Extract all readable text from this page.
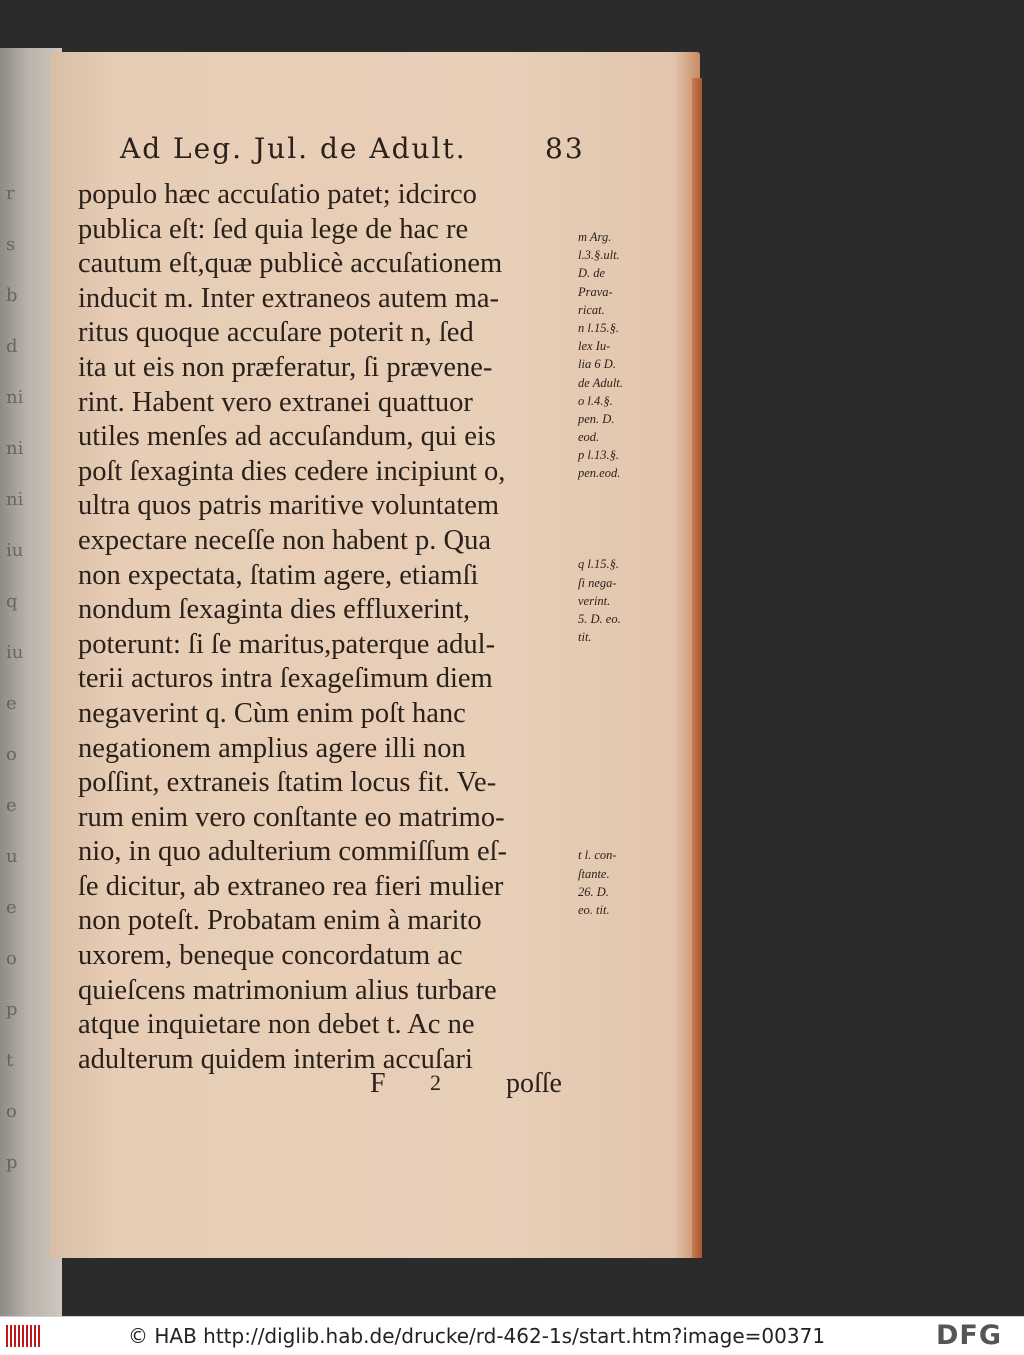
r
s
b
d
ni
ni
ni
iu
q
iu
e
o
e
u
e
o
p
t
o
p
Ad Leg. Jul. de Adult.	83
populo hæc accuſatio patet; idcirco
publica eſt: ſed quia lege de hac re
cautum eſt,quæ publicè accuſationem
inducit m. Inter extraneos autem ma-
ritus quoque accuſare poterit n, ſed
ita ut eis non præferatur, ſi prævene-
rint. Habent vero extranei quattuor
utiles menſes ad accuſandum, qui eis
poſt ſexaginta dies cedere incipiunt o,
ultra quos patris maritive voluntatem
expectare neceſſe non habent p. Qua
non expectata, ſtatim agere, etiamſi
nondum ſexaginta dies effluxerint,
poterunt: ſi ſe maritus,paterque adul-
terii acturos intra ſexageſimum diem
negaverint q. Cùm enim poſt hanc
negationem amplius agere illi non
poſſint, extraneis ſtatim locus fit. Ve-
rum enim vero conſtante eo matrimo-
nio, in quo adulterium commiſſum eſ-
ſe dicitur, ab extraneo rea fieri mulier
non poteſt. Probatam enim à marito
uxorem, beneque concordatum ac
quieſcens matrimonium alius turbare
atque inquietare non debet t. Ac ne
adulterum quidem interim accuſari
m Arg.
l.3.§.ult.
D. de
Prava-
ricat.
n l.15.§.
lex Iu-
lia 6 D.
de Adult.
o l.4.§.
pen. D.
eod.
p l.13.§.
pen.eod.
q l.15.§.
ſi nega-
verint.
5. D. eo.
tit.
t l. con-
ſtante.
26. D.
eo. tit.
F 2 poſſe
© HAB http://diglib.hab.de/drucke/rd-462-1s/start.htm?image=00371	DFG
